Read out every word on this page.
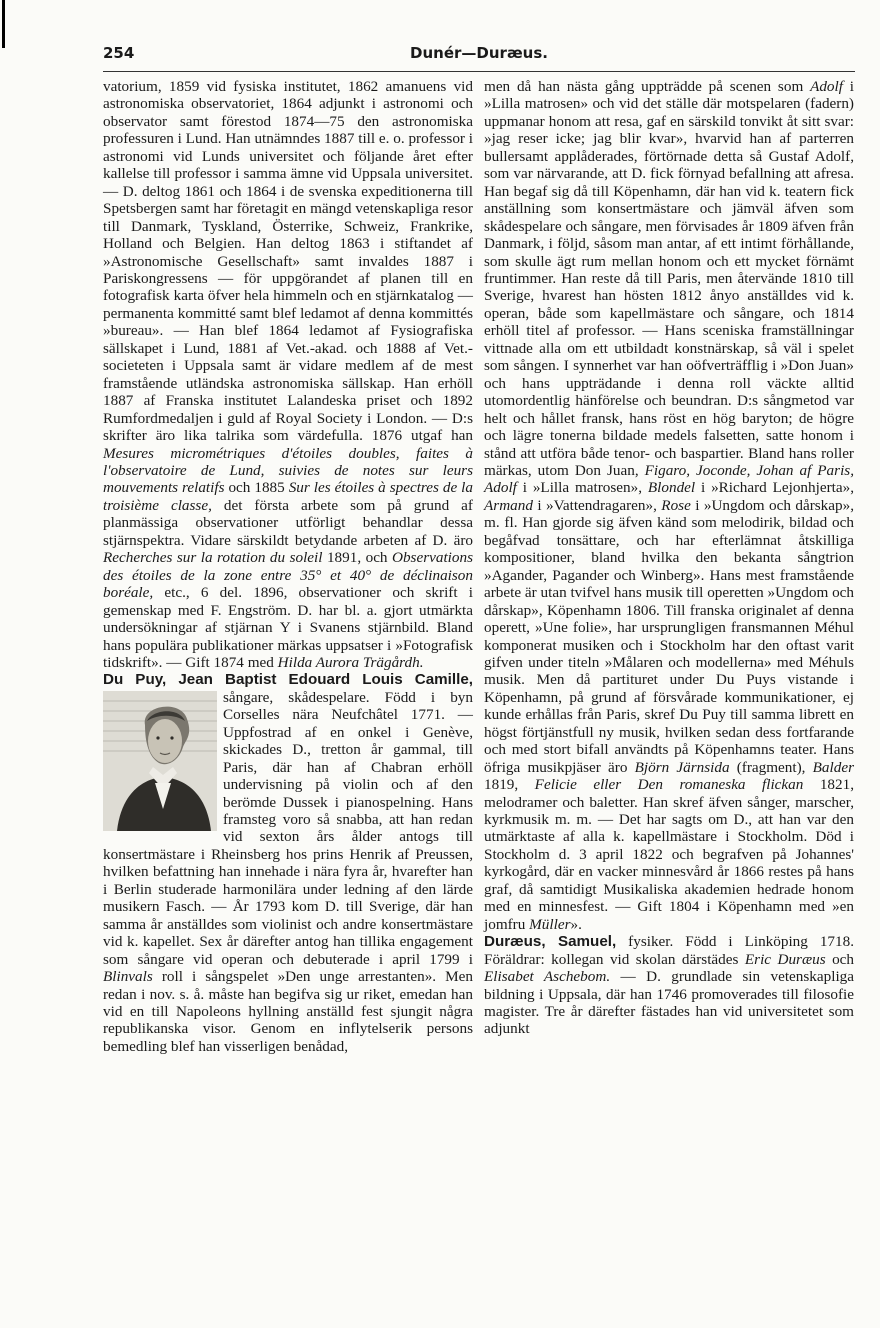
254	Dunér—Duræus.

vatorium, 1859 vid fysiska institutet, 1862 amanuens vid astronomiska observatoriet, 1864 adjunkt i astronomi och observator samt förestod 1874—75 den astronomiska professuren i Lund. Han utnämndes 1887 till e. o. professor i astronomi vid Lunds universitet och följande året efter kallelse till professor i samma ämne vid Uppsala universitet. — D. deltog 1861 och 1864 i de svenska expeditionerna till Spetsbergen samt har företagit en mängd vetenskapliga resor till Danmark, Tyskland, Österrike, Schweiz, Frankrike, Holland och Belgien. Han deltog 1863 i stiftandet af »Astronomische Gesellschaft» samt invaldes 1887 i Pariskongressens — för uppgörandet af planen till en fotografisk karta öfver hela himmeln och en stjärnkatalog — permanenta kommitté samt blef ledamot af denna kommittés »bureau». — Han blef 1864 ledamot af Fysiografiska sällskapet i Lund, 1881 af Vet.-akad. och 1888 af Vet.-societeten i Uppsala samt är vidare medlem af de mest framstående utländska astronomiska sällskap. Han erhöll 1887 af Franska institutet Lalandeska priset och 1892 Rumfordmedaljen i guld af Royal Society i London. — D:s skrifter äro lika talrika som värdefulla. 1876 utgaf han Mesures micrométriques d'étoiles doubles, faites à l'observatoire de Lund, suivies de notes sur leurs mouvements relatifs och 1885 Sur les étoiles à spectres de la troisième classe, det första arbete som på grund af planmässiga observationer utförligt behandlar dessa stjärnspektra. Vidare särskildt betydande arbeten af D. äro Recherches sur la rotation du soleil 1891, och Observations des étoiles de la zone entre 35° et 40° de déclinaison boréale, etc., 6 del. 1896, observationer och skrift i gemenskap med F. Engström. D. har bl. a. gjort utmärkta undersökningar af stjärnan Y i Svanens stjärnbild. Bland hans populära publikationer märkas uppsatser i »Fotografisk tidskrift». — Gift 1874 med Hilda Aurora Trägårdh.

Du Puy, Jean Baptist Edouard Louis Camille,
sångare, skådespelare. Född i byn Corselles nära Neufchâtel 1771. — Uppfostrad af en onkel i Genève, skickades D., tretton år gammal, till Paris, där han af Chabran erhöll undervisning på violin och af den berömde Dussek i pianospelning. Hans framsteg voro så snabba, att han redan vid sexton års ålder antogs till konsertmästare i Rheinsberg hos prins Henrik af Preussen, hvilken befattning han innehade i nära fyra år, hvarefter han i Berlin studerade harmonilära under ledning af den lärde musikern Fasch. — År 1793 kom D. till Sverige, där han samma år anställdes som violinist och andre konsertmästare vid k. kapellet. Sex år därefter antog han tillika engagement som sångare vid operan och debuterade i april 1799 i Blinvals roll i sångspelet »Den unge arrestanten». Men redan i nov. s. å. måste han begifva sig ur riket, emedan han vid en till Napoleons hyllning anställd fest sjungit några republikanska visor. Genom en inflytelserik persons bemedling blef han visserligen benådad,

men då han nästa gång uppträdde på scenen som Adolf i »Lilla matrosen» och vid det ställe där motspelaren (fadern) uppmanar honom att resa, gaf en särskild tonvikt åt sitt svar: »jag reser icke; jag blir kvar», hvarvid han af parterren bullersamt applåderades, förtörnade detta så Gustaf Adolf, som var närvarande, att D. fick förnyad befallning att afresa. Han begaf sig då till Köpenhamn, där han vid k. teatern fick anställning som konsertmästare och jämväl äfven som skådespelare och sångare, men förvisades år 1809 äfven från Danmark, i följd, såsom man antar, af ett intimt förhållande, som skulle ägt rum mellan honom och ett mycket förnämt fruntimmer. Han reste då till Paris, men återvände 1810 till Sverige, hvarest han hösten 1812 ånyo anställdes vid k. operan, både som kapellmästare och sångare, och 1814 erhöll titel af professor. — Hans sceniska framställningar vittnade alla om ett utbildadt konstnärskap, så väl i spelet som sången. I synnerhet var han oöfverträfflig i »Don Juan» och hans uppträdande i denna roll väckte alltid utomordentlig hänförelse och beundran. D:s sångmetod var helt och hållet fransk, hans röst en hög baryton; de högre och lägre tonerna bildade medels falsetten, satte honom i stånd att utföra både tenor- och baspartier. Bland hans roller märkas, utom Don Juan, Figaro, Joconde, Johan af Paris, Adolf i »Lilla matrosen», Blondel i »Richard Lejonhjerta», Armand i »Vattendragaren», Rose i »Ungdom och dårskap», m. fl. Han gjorde sig äfven känd som melodirik, bildad och begåfvad tonsättare, och har efterlämnat åtskilliga kompositioner, bland hvilka den bekanta sångtrion »Agander, Pagander och Winberg». Hans mest framstående arbete är utan tvifvel hans musik till operetten »Ungdom och dårskap», Köpenhamn 1806. Till franska originalet af denna operett, »Une folie», har ursprungligen fransmannen Méhul komponerat musiken och i Stockholm har den oftast varit gifven under titeln »Målaren och modellerna» med Méhuls musik. Men då partituret under Du Puys vistande i Köpenhamn, på grund af försvårade kommunikationer, ej kunde erhållas från Paris, skref Du Puy till samma librett en högst förtjänstfull ny musik, hvilken sedan dess fortfarande och med stort bifall användts på Köpenhamns teater. Hans öfriga musikpjäser äro Björn Järnsida (fragment), Balder 1819, Felicie eller Den romaneska flickan 1821, melodramer och baletter. Han skref äfven sånger, marscher, kyrkmusik m. m. — Det har sagts om D., att han var den utmärktaste af alla k. kapellmästare i Stockholm. Död i Stockholm d. 3 april 1822 och begrafven på Johannes' kyrkogård, där en vacker minnesvård år 1866 restes på hans graf, då samtidigt Musikaliska akademien hedrade honom med en minnesfest. — Gift 1804 i Köpenhamn med »en jomfru Müller».

Duræus, Samuel, fysiker. Född i Linköping 1718. Föräldrar: kollegan vid skolan därstädes Eric Duræus och Elisabet Aschebom. — D. grundlade sin vetenskapliga bildning i Uppsala, där han 1746 promoverades till filosofie magister. Tre år därefter fästades han vid universitetet som adjunkt
